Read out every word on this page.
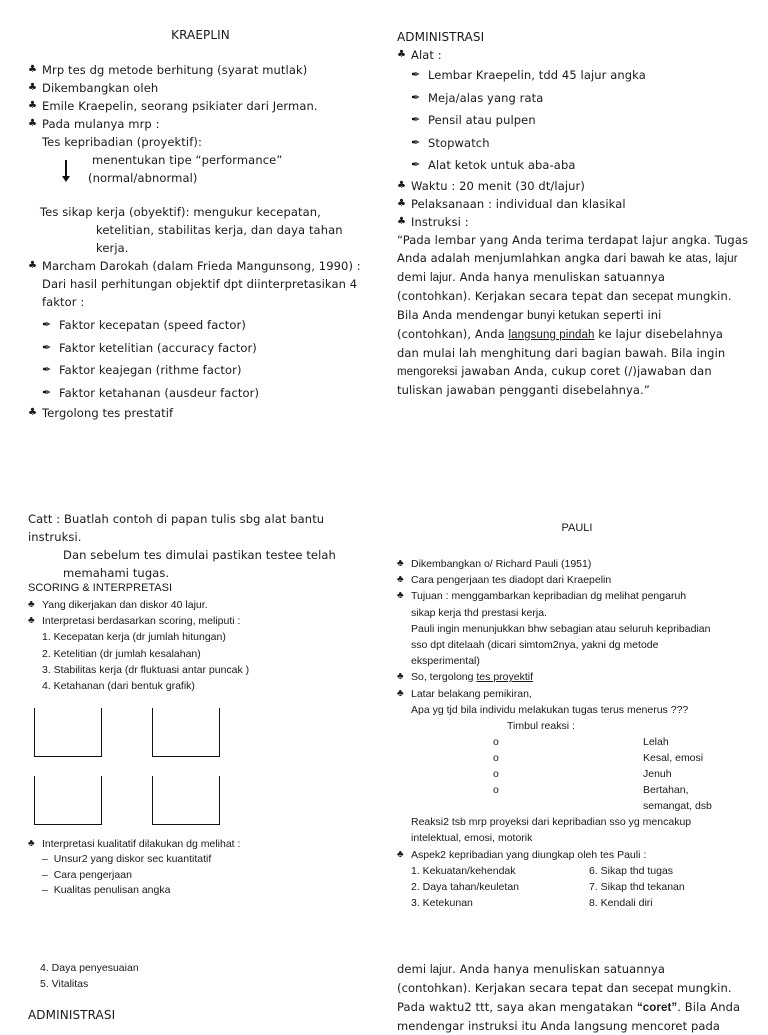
KRAEPLIN

♣ Mrp tes dg metode berhitung (syarat mutlak)

♣ Dikembangkan oleh

♣ Emile Kraepelin, seorang psikiater dari Jerman.

♣ Pada mulanya mrp :

Tes kepribadian (proyektif):

menentukan tipe “performance”

(normal/abnormal)

Tes sikap kerja (obyektif): mengukur kecepatan,

ketelitian, stabilitas kerja, dan daya tahan kerja.

♣ Marcham Darokah (dalam Frieda Mangunsong, 1990) :

Dari hasil perhitungan objektif dpt diinterpretasikan 4

faktor :

✒ Faktor kecepatan (speed factor)

✒ Faktor ketelitian (accuracy factor)

✒ Faktor keajegan (rithme factor)

✒ Faktor ketahanan (ausdeur factor)

♣ Tergolong tes prestatif

ADMINISTRASI

♣ Alat :

✒ Lembar Kraepelin, tdd 45 lajur angka

✒ Meja/alas yang rata

✒ Pensil atau pulpen

✒ Stopwatch

✒ Alat ketok untuk aba-aba

♣ Waktu : 20 menit (30 dt/lajur)

♣ Pelaksanaan : individual dan klasikal

♣ Instruksi :

“Pada lembar yang Anda terima terdapat lajur angka. Tugas

Anda adalah menjumlahkan angka dari bawah ke atas, lajur

demi lajur. Anda hanya menuliskan satuannya

(contohkan). Kerjakan secara tepat dan secepat mungkin.

Bila Anda mendengar bunyi ketukan seperti ini

(contohkan), Anda langsung pindah ke lajur disebelahnya

dan mulai lah menghitung dari bagian bawah. Bila ingin

mengoreksi jawaban Anda, cukup coret (/)jawaban dan

tuliskan jawaban pengganti disebelahnya.”

Catt : Buatlah contoh di papan tulis sbg alat bantu instruksi.

Dan sebelum tes dimulai pastikan testee telah

memahami tugas.

SCORING & INTERPRETASI

♣ Yang dikerjakan dan diskor 40 lajur.

♣ Interpretasi berdasarkan scoring, meliputi :

1. Kecepatan kerja (dr jumlah hitungan)

2. Ketelitian (dr jumlah kesalahan)

3. Stabilitas kerja (dr fluktuasi antar puncak )

4. Ketahanan (dari bentuk grafik)

♣ Interpretasi kualitatif dilakukan dg melihat :

–  Unsur2 yang diskor sec kuantitatif

–  Cara pengerjaan

–  Kualitas penulisan angka

4. Daya penyesuaian

5. Vitalitas

ADMINISTRASI
PAULI

♣ Dikembangkan o/ Richard Pauli (1951)

♣ Cara pengerjaan tes diadopt dari Kraepelin

♣ Tujuan : menggambarkan kepribadian dg melihat pengaruh

sikap kerja thd prestasi kerja.

Pauli ingin menunjukkan bhw sebagian atau seluruh kepribadian

sso dpt ditelaah (dicari simtom2nya, yakni dg metode

eksperimental)

♣ So, tergolong tes proyektif

♣ Latar belakang pemikiran,

Apa yg tjd bila individu melakukan tugas terus menerus ???

Timbul reaksi :

o	Lelah
o	Kesal, emosi
o	Jenuh
o	Bertahan,
semangat, dsb

Reaksi2 tsb mrp proyeksi dari kepribadian sso yg mencakup

intelektual, emosi, motorik

♣ Aspek2 kepribadian yang diungkap oleh tes Pauli :

1. Kekuatan/kehendak	6. Sikap thd tugas
2. Daya tahan/keuletan	7. Sikap thd tekanan
3. Ketekunan	8. Kendali diri

demi lajur. Anda hanya menuliskan satuannya

(contohkan). Kerjakan secara tepat dan secepat mungkin.

Pada waktu2 ttt, saya akan mengatakan “coret”. Bila Anda

mendengar instruksi itu Anda langsung mencoret pada
